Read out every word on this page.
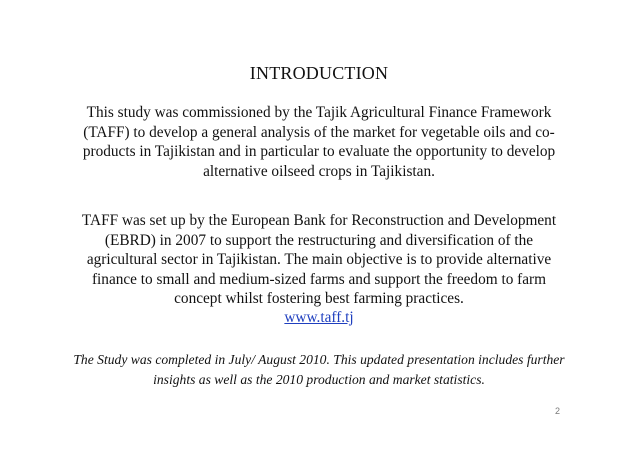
INTRODUCTION
This study was commissioned by the Tajik Agricultural Finance Framework (TAFF) to develop a general analysis of the market for vegetable oils and co-products in Tajikistan and in particular to evaluate the opportunity to develop alternative oilseed crops in Tajikistan.
TAFF was set up by the European Bank for Reconstruction and Development (EBRD) in 2007 to support the restructuring and diversification of the agricultural sector in Tajikistan. The main objective is to provide alternative finance to small and medium-sized farms and support the freedom to farm concept whilst fostering best farming practices.
www.taff.tj
The Study was completed in July/ August 2010. This updated presentation includes further insights as well as the 2010 production and market statistics.
2
